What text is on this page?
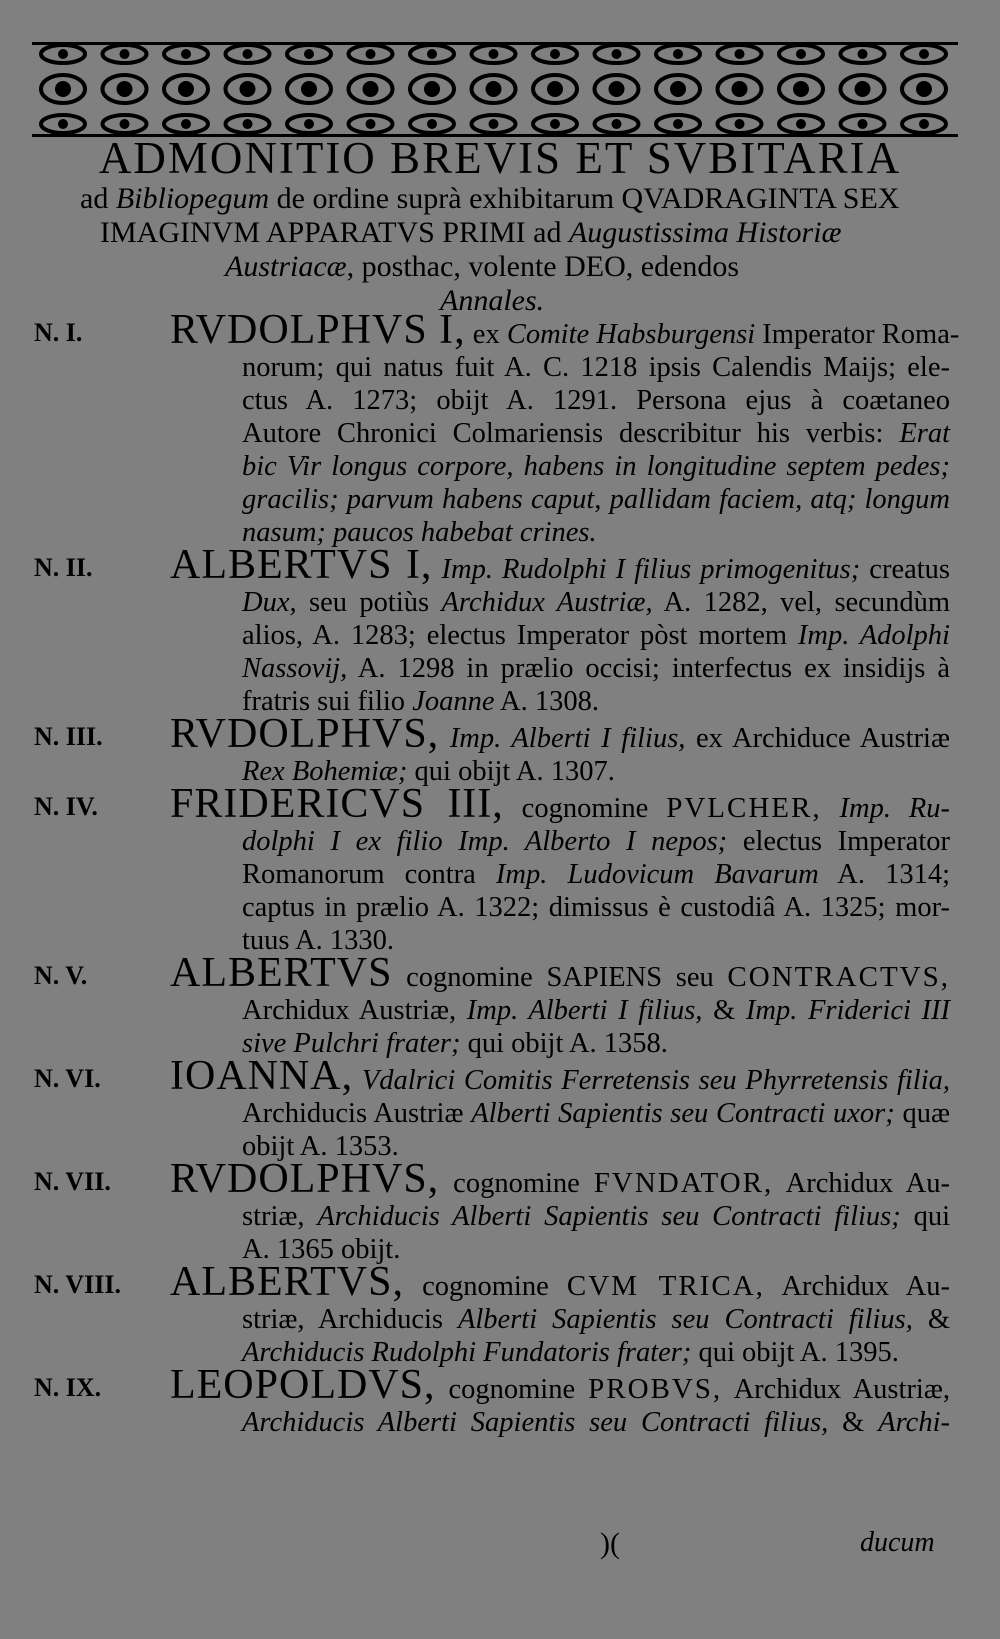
ADMONITIO BREVIS ET SVBITARIA
ad Bibliopegum de ordine suprà exhibitarum QVADRAGINTA SEX
IMAGINVM APPARATVS PRIMI ad Augustissima Historiæ
Austriacæ, posthac, volente DEO, edendos
Annales.
N. I. RVDOLPHVS I, ex Comite Habsburgensi Imperator Roma-
norum; qui natus fuit A. C. 1218 ipsis Calendis Maijs; ele-
ctus A. 1273; obijt A. 1291. Persona ejus à coætaneo
Autore Chronici Colmariensis describitur his verbis: Erat
bic Vir longus corpore, habens in longitudine septem pedes;
gracilis; parvum habens caput, pallidam faciem, atq; longum
nasum; paucos habebat crines.
N. II. ALBERTVS I, Imp. Rudolphi I filius primogenitus; creatus
Dux, seu potiùs Archidux Austriæ, A. 1282, vel, secundùm
alios, A. 1283; electus Imperator pòst mortem Imp. Adolphi
Nassovij, A. 1298 in prælio occisi; interfectus ex insidijs à
fratris sui filio Joanne A. 1308.
N. III. RVDOLPHVS, Imp. Alberti I filius, ex Archiduce Austriæ
Rex Bohemiæ; qui obijt A. 1307.
N. IV. FRIDERICVS III, cognomine PVLCHER, Imp. Ru-
dolphi I ex filio Imp. Alberto I nepos; electus Imperator
Romanorum contra Imp. Ludovicum Bavarum A. 1314;
captus in prælio A. 1322; dimissus è custodiâ A. 1325; mor-
tuus A. 1330.
N. V. ALBERTVS cognomine SAPIENS seu CONTRACTVS,
Archidux Austriæ, Imp. Alberti I filius, & Imp. Friderici III
sive Pulchri frater; qui obijt A. 1358.
N. VI. IOANNA, Vdalrici Comitis Ferretensis seu Phyrretensis filia,
Archiducis Austriæ Alberti Sapientis seu Contracti uxor; quæ
obijt A. 1353.
N. VII. RVDOLPHVS, cognomine FVNDATOR, Archidux Au-
striæ, Archiducis Alberti Sapientis seu Contracti filius; qui
A. 1365 obijt.
N. VIII. ALBERTVS, cognomine CVM TRICA, Archidux Au-
striæ, Archiducis Alberti Sapientis seu Contracti filius, &
Archiducis Rudolphi Fundatoris frater; qui obijt A. 1395.
N. IX. LEOPOLDVS, cognomine PROBVS, Archidux Austriæ,
Archiducis Alberti Sapientis seu Contracti filius, & Archi-
)(	ducum
